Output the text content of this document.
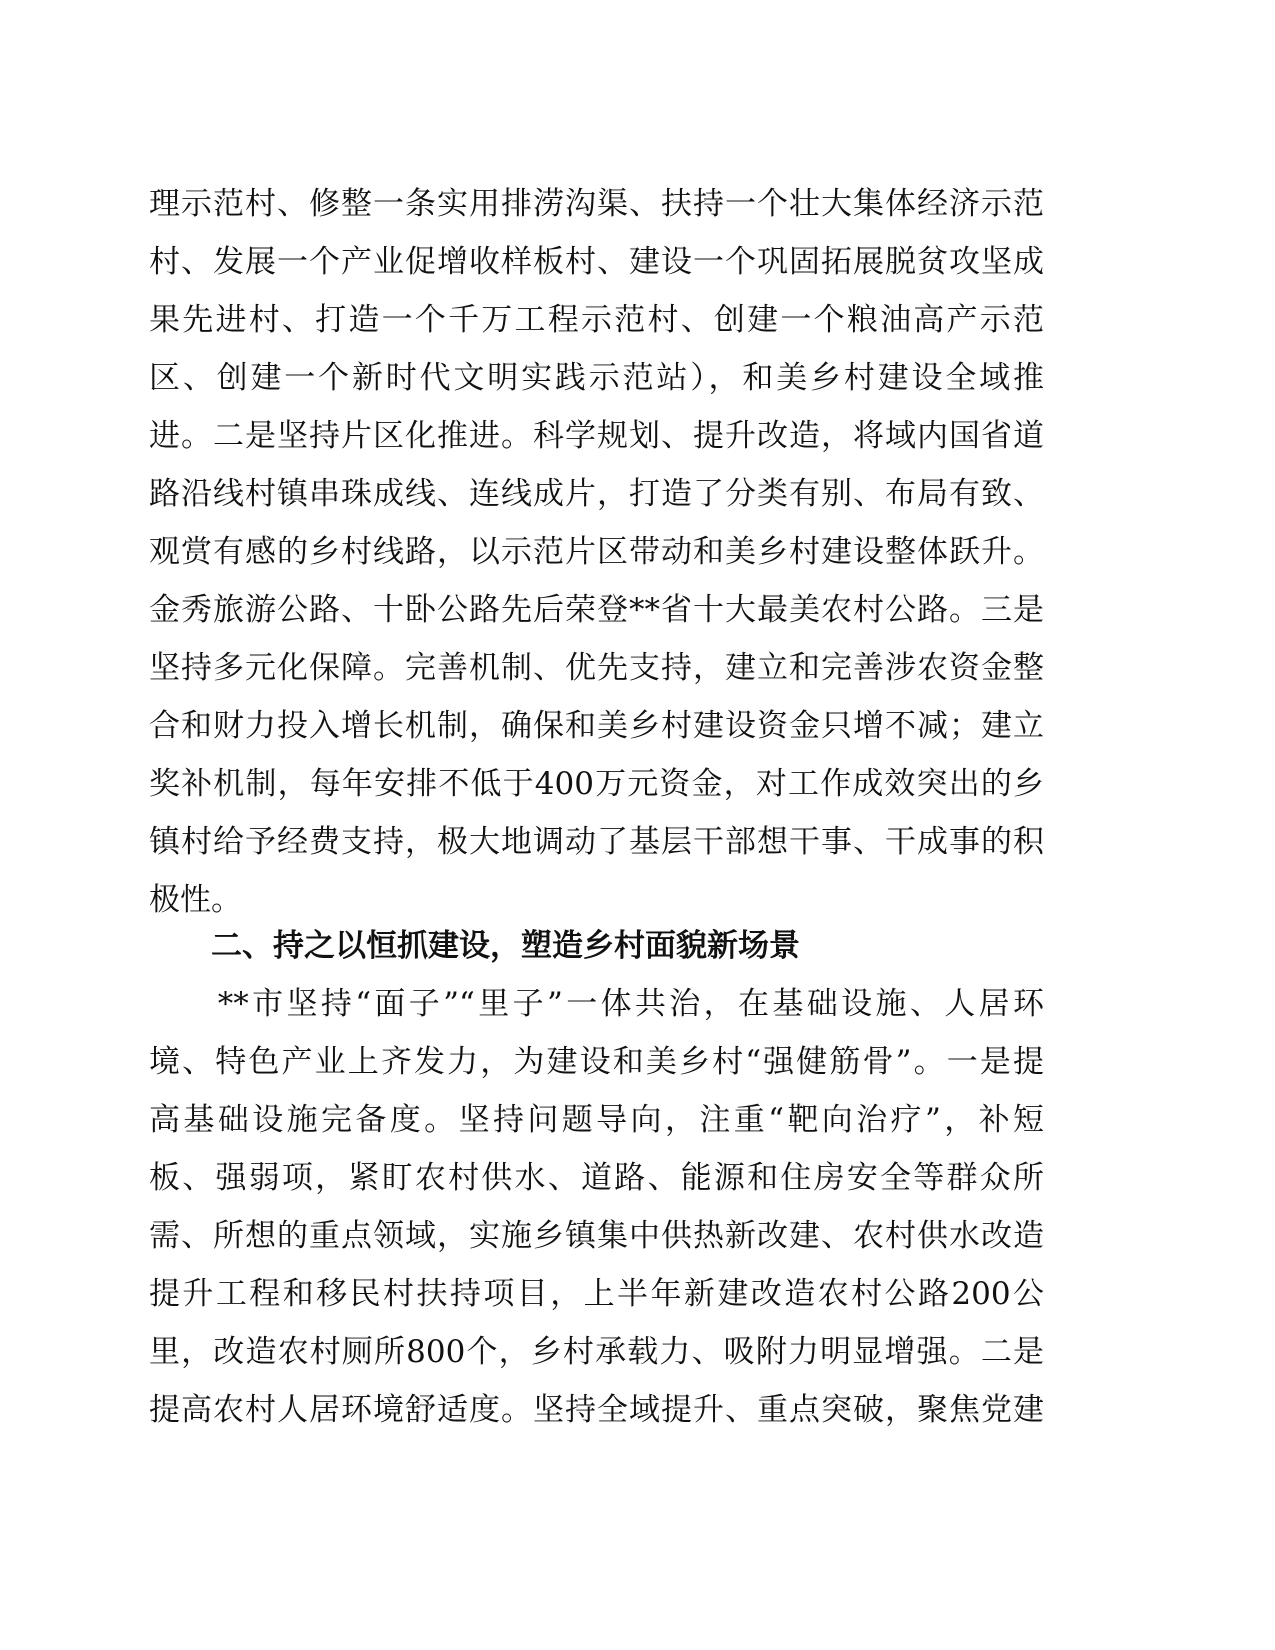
理示范村、修整一条实用排涝沟渠、扶持一个壮大集体经济示范
村、发展一个产业促增收样板村、建设一个巩固拓展脱贫攻坚成
果先进村、打造一个千万工程示范村、创建一个粮油高产示范
区、创建一个新时代文明实践示范站），和美乡村建设全域推
进。二是坚持片区化推进。科学规划、提升改造，将域内国省道
路沿线村镇串珠成线、连线成片，打造了分类有别、布局有致、
观赏有感的乡村线路，以示范片区带动和美乡村建设整体跃升。
金秀旅游公路、十卧公路先后荣登**省十大最美农村公路。三是
坚持多元化保障。完善机制、优先支持，建立和完善涉农资金整
合和财力投入增长机制，确保和美乡村建设资金只增不减；建立
奖补机制，每年安排不低于400万元资金，对工作成效突出的乡
镇村给予经费支持，极大地调动了基层干部想干事、干成事的积
极性。
二、持之以恒抓建设，塑造乡村面貌新场景
　　**市坚持“面子”“里子”一体共治，在基础设施、人居环
境、特色产业上齐发力，为建设和美乡村“强健筋骨”。一是提
高基础设施完备度。坚持问题导向，注重“靶向治疗”，补短
板、强弱项，紧盯农村供水、道路、能源和住房安全等群众所
需、所想的重点领域，实施乡镇集中供热新改建、农村供水改造
提升工程和移民村扶持项目，上半年新建改造农村公路200公
里，改造农村厕所800个，乡村承载力、吸附力明显增强。二是
提高农村人居环境舒适度。坚持全域提升、重点突破，聚焦党建
